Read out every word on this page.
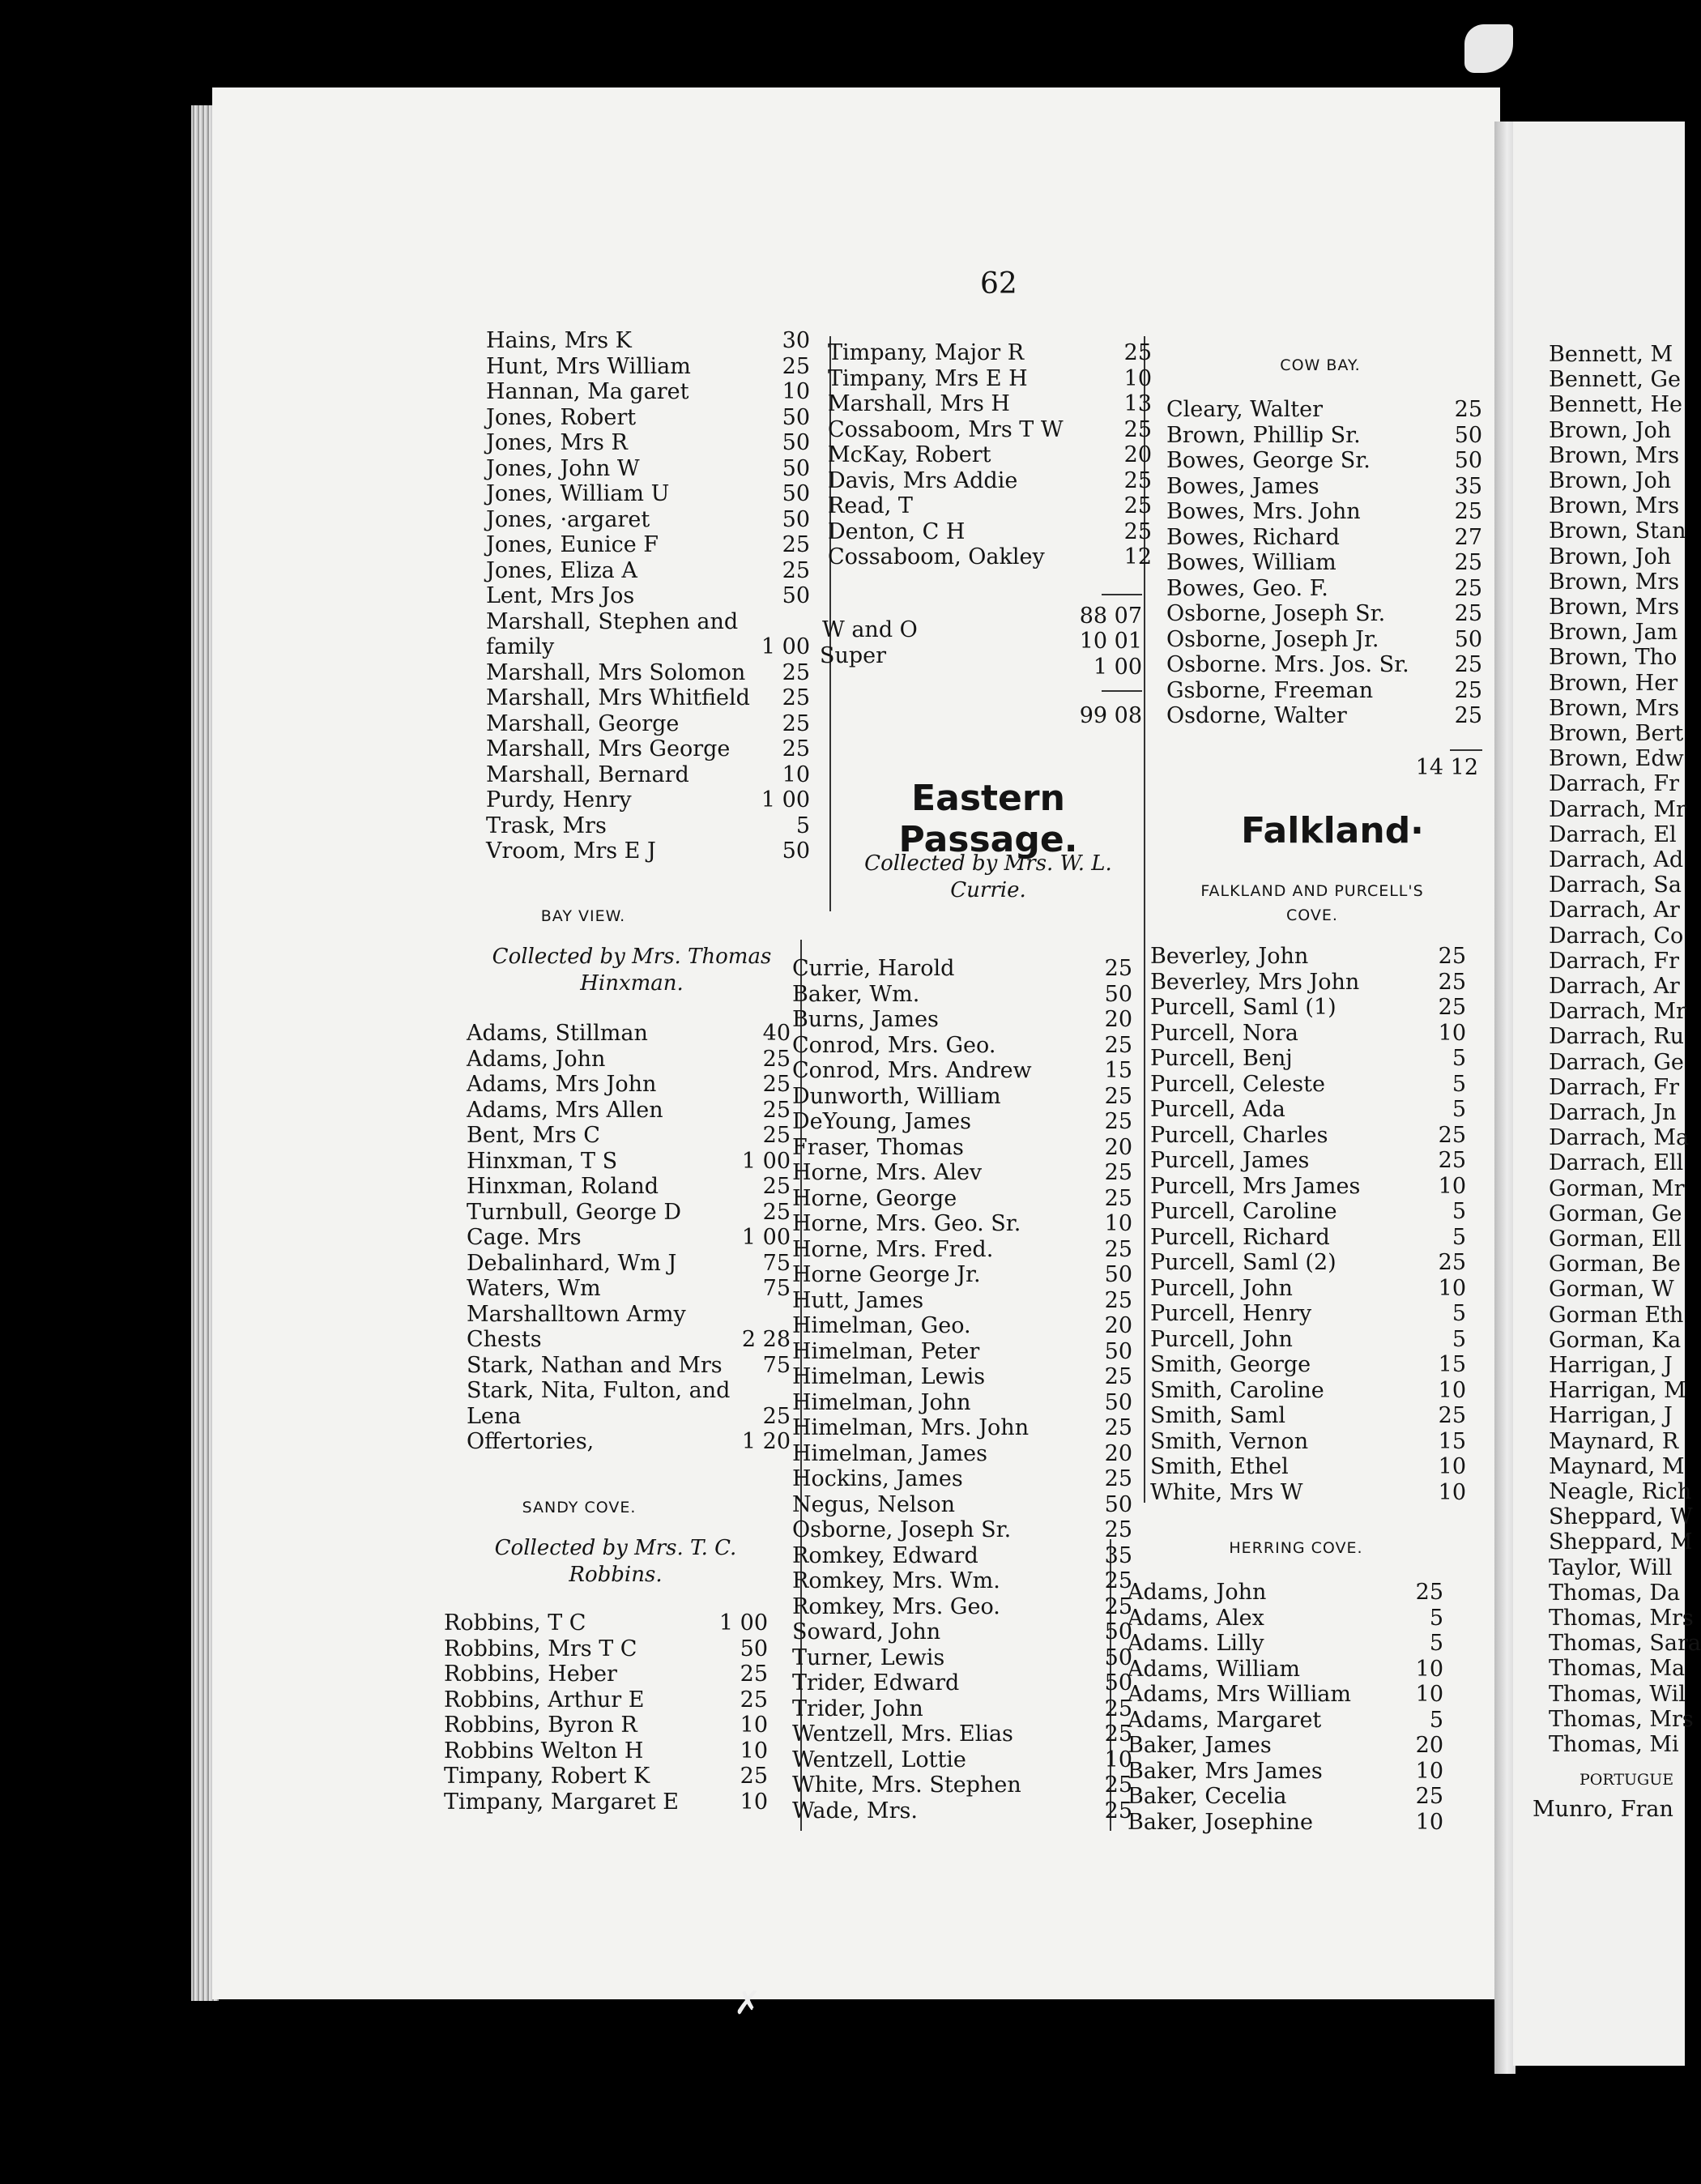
62
BAY VIEW.
Collected by Mrs. Thomas
Hinxman.
SANDY COVE.
Collected by Mrs. T. C.
Robbins.
Eastern Passage.
Collected by Mrs. W. L.
Currie.
COW BAY.
Falkland·
FALKLAND AND PURCELL'S
COVE.
HERRING COVE.
✗
Hains, Mrs K	30
Hunt, Mrs William	25
Hannan, Ma garet	10
Jones, Robert	50
Jones, Mrs R	50
Jones, John W	50
Jones, William U	50
Jones, ·argaret	50
Jones, Eunice F	25
Jones, Eliza A	25
Lent, Mrs Jos	50
Marshall, Stephen and
family	1 00
Marshall, Mrs Solomon 25
Marshall, Mrs Whitfield 25
Marshall, George	25
Marshall, Mrs George 25
Marshall, Bernard	10
Purdy, Henry	1 00
Trask, Mrs	5
Vroom, Mrs E J	50
Adams, Stillman	40
Adams, John	25
Adams, Mrs John	25
Adams, Mrs Allen	25
Bent, Mrs C	25
Hinxman, T S	1 00
Hinxman, Roland	25
Turnbull, George D	25
Cage. Mrs	1 00
Debalinhard, Wm J	75
Waters, Wm	75
Marshalltown Army
Chests	2 28
Stark, Nathan and Mrs 75
Stark, Nita, Fulton, and
Lena	25
Offertories,	1 20
Robbins, T C	1 00
Robbins, Mrs T C	50
Robbins, Heber	25
Robbins, Arthur E	25
Robbins, Byron R	10
Robbins Welton H	10
Timpany, Robert K	25
Timpany, Margaret E	10
Timpany, Major R	25
Timpany, Mrs E H	10
Marshall, Mrs H	13
Cossaboom, Mrs T W	25
McKay, Robert	20
Davis, Mrs Addie	25
Read, T	25
Denton, C H	25
Cossaboom, Oakley	12
88 07
W and O	10 01
Super	1 00
99 08
Currie, Harold	25
Baker, Wm.	50
Burns, James	20
Conrod, Mrs. Geo.	25
Conrod, Mrs. Andrew	15
Dunworth, William	25
DeYoung, James	25
Fraser, Thomas	20
Horne, Mrs. Alev	25
Horne, George	25
Horne, Mrs. Geo. Sr.	10
Horne, Mrs. Fred.	25
Horne George Jr.	50
Hutt, James	25
Himelman, Geo.	20
Himelman, Peter	50
Himelman, Lewis	25
Himelman, John	50
Himelman, Mrs. John	25
Himelman, James	20
Hockins, James	25
Negus, Nelson	50
Osborne, Joseph Sr.	25
Romkey, Edward	35
Romkey, Mrs. Wm.	25
Romkey, Mrs. Geo.	25
Soward, John	50
Turner, Lewis	50
Trider, Edward	50
Trider, John	25
Wentzell, Mrs. Elias	25
Wentzell, Lottie	10
White, Mrs. Stephen	25
Wade, Mrs.	25
Cleary, Walter	25
Brown, Phillip Sr.	50
Bowes, George Sr.	50
Bowes, James	35
Bowes, Mrs. John	25
Bowes, Richard	27
Bowes, William	25
Bowes, Geo. F.	25
Osborne, Joseph Sr.	25
Osborne, Joseph Jr.	50
Osborne. Mrs. Jos. Sr. 25
Gsborne, Freeman	25
Osdorne, Walter	25
14 12
Beverley, John	25
Beverley, Mrs John	25
Purcell, Saml (1)	25
Purcell, Nora	10
Purcell, Benj	5
Purcell, Celeste	5
Purcell, Ada	5
Purcell, Charles	25
Purcell, James	25
Purcell, Mrs James	10
Purcell, Caroline	5
Purcell, Richard	5
Purcell, Saml (2)	25
Purcell, John	10
Purcell, Henry	5
Purcell, John	5
Smith, George	15
Smith, Caroline	10
Smith, Saml	25
Smith, Vernon	15
Smith, Ethel	10
White, Mrs W	10
Adams, John	25
Adams, Alex	5
Adams. Lilly	5
Adams, William	10
Adams, Mrs William	10
Adams, Margaret	5
Baker, James	20
Baker, Mrs James	10
Baker, Cecelia	25
Baker, Josephine	10
Bennett, M
Bennett, Ge
Bennett, He
Brown, Joh
Brown, Mrs
Brown, Joh
Brown, Mrs
Brown, Stan
Brown, Joh
Brown, Mrs
Brown, Mrs
Brown, Jam
Brown, Tho
Brown, Her
Brown, Mrs
Brown, Bert
Brown, Edw
Darrach, Fr
Darrach, Mr
Darrach, El
Darrach, Ad
Darrach, Sa
Darrach, Ar
Darrach, Co
Darrach, Fr
Darrach, Ar
Darrach, Mr
Darrach, Ru
Darrach, Ge
Darrach, Fr
Darrach, Jn
Darrach, Ma
Darrach, Ell
Gorman, Mr
Gorman, Ge
Gorman, Ell
Gorman, Be
Gorman, W
Gorman Eth
Gorman, Ka
Harrigan, J
Harrigan, M
Harrigan, J
Maynard, R
Maynard, M
Neagle, Rich
Sheppard, W
Sheppard, M
Taylor, Will
Thomas, Da
Thomas, Mrs
Thomas, Sara
Thomas, Ma
Thomas, Wil
Thomas, Mrs
Thomas, Mi
PORTUGUE
Munro, Fran
